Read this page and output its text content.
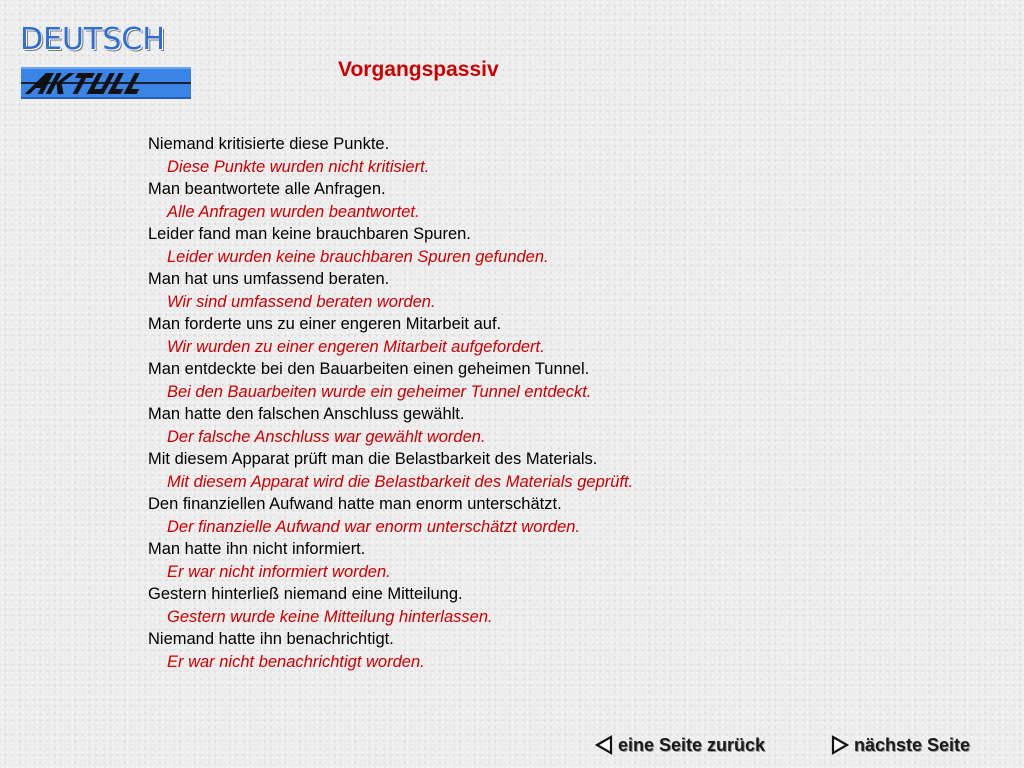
DEUTSCH
Vorgangspassiv
Niemand kritisierte diese Punkte.
Diese Punkte wurden nicht kritisiert.
Man beantwortete alle Anfragen.
Alle Anfragen wurden beantwortet.
Leider fand man keine brauchbaren Spuren.
Leider wurden keine brauchbaren Spuren gefunden.
Man hat uns umfassend beraten.
Wir sind umfassend beraten worden.
Man forderte uns zu einer engeren Mitarbeit auf.
Wir wurden zu einer engeren Mitarbeit aufgefordert.
Man entdeckte bei den Bauarbeiten einen geheimen Tunnel.
Bei den Bauarbeiten wurde ein geheimer Tunnel entdeckt.
Man hatte den falschen Anschluss gewählt.
Der falsche Anschluss war gewählt worden.
Mit diesem Apparat prüft man die Belastbarkeit des Materials.
Mit diesem Apparat wird die Belastbarkeit des Materials geprüft.
Den finanziellen Aufwand hatte man enorm unterschätzt.
Der finanzielle Aufwand war enorm unterschätzt worden.
Man hatte ihn nicht informiert.
Er war nicht informiert worden.
Gestern hinterließ niemand eine Mitteilung.
Gestern wurde keine Mitteilung hinterlassen.
Niemand hatte ihn benachrichtigt.
Er war nicht benachrichtigt worden.
eine Seite zurück	nächste Seite
